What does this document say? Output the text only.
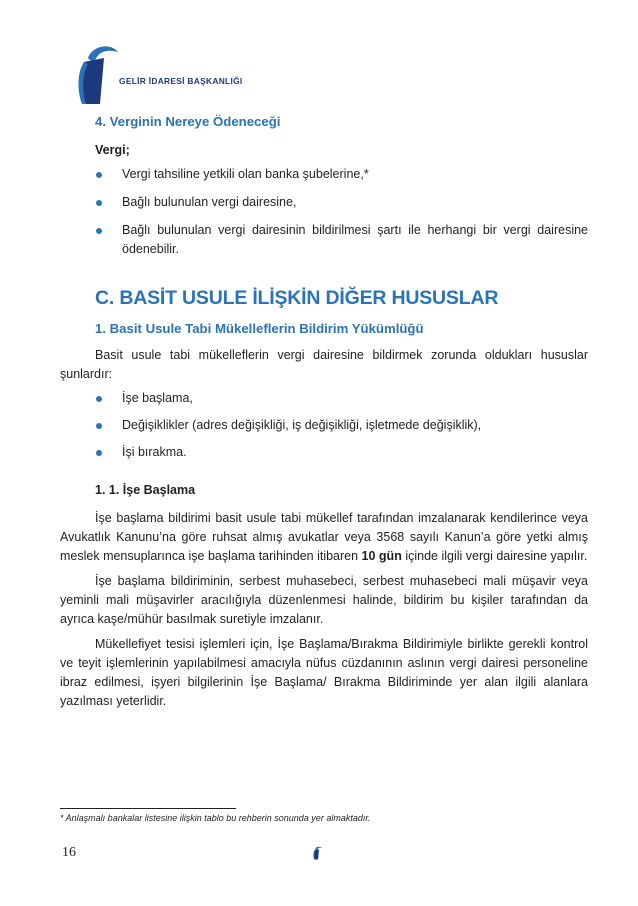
GELİR İDARESİ BAŞKANLIĞI
4. Verginin Nereye Ödeneceği
Vergi;
Vergi tahsiline yetkili olan banka şubelerine,*
Bağlı bulunulan vergi dairesine,
Bağlı bulunulan vergi dairesinin bildirilmesi şartı ile herhangi bir vergi dairesine ödenebilir.
C. BASİT USULE İLİŞKİN DİĞER HUSUSLAR
1. Basit Usule Tabi Mükelleflerin Bildirim Yükümlüğü

Basit usule tabi mükelleflerin vergi dairesine bildirmek zorunda oldukları hususlar şunlardır:

İşe başlama,
Değişiklikler (adres değişikliği, iş değişikliği, işletmede değişiklik),
İşi bırakma.
1. 1. İşe Başlama

İşe başlama bildirimi basit usule tabi mükellef tarafından imzalanarak kendilerince veya Avukatlık Kanunu’na göre ruhsat almış avukatlar veya 3568 sayılı Kanun’a göre yetki almış meslek mensuplarınca işe başlama tarihinden itibaren 10 gün içinde ilgili vergi dairesine yapılır.

İşe başlama bildiriminin, serbest muhasebeci, serbest muhasebeci mali müşavir veya yeminli mali müşavirler aracılığıyla düzenlenmesi halinde, bildirim bu kişiler tarafından da ayrıca kaşe/mühür basılmak suretiyle imzalanır.

Mükellefiyet tesisi işlemleri için, İşe Başlama/Bırakma Bildirimiyle birlikte gerekli kontrol ve teyit işlemlerinin yapılabilmesi amacıyla nüfus cüzdanının aslının vergi dairesi personeline ibraz edilmesi, işyeri bilgilerinin İşe Başlama/ Bırakma Bildiriminde yer alan ilgili alanlara yazılması yeterlidir.

* Anlaşmalı bankalar listesine ilişkin tablo bu rehberin sonunda yer almaktadır.
16
